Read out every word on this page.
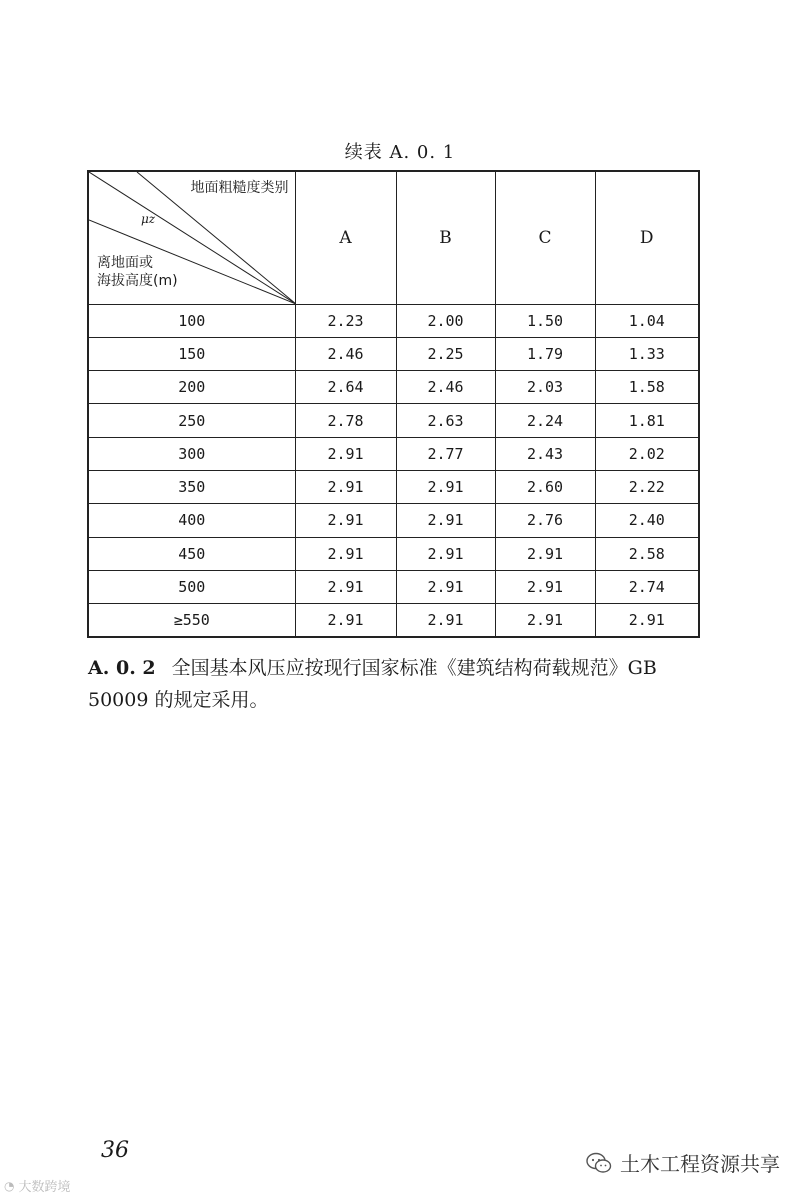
续表 A. 0. 1
地面粗糙度类别
μz
离地面或
海拔高度(m)	A	B	C	D
100	2.23	2.00	1.50	1.04
150	2.46	2.25	1.79	1.33
200	2.64	2.46	2.03	1.58
250	2.78	2.63	2.24	1.81
300	2.91	2.77	2.43	2.02
350	2.91	2.91	2.60	2.22
400	2.91	2.91	2.76	2.40
450	2.91	2.91	2.91	2.58
500	2.91	2.91	2.91	2.74
≥550	2.91	2.91	2.91	2.91
A. 0. 2 全国基本风压应按现行国家标准《建筑结构荷载规范》GB 50009 的规定采用。
36
◔ 大数跨境
土木工程资源共享
